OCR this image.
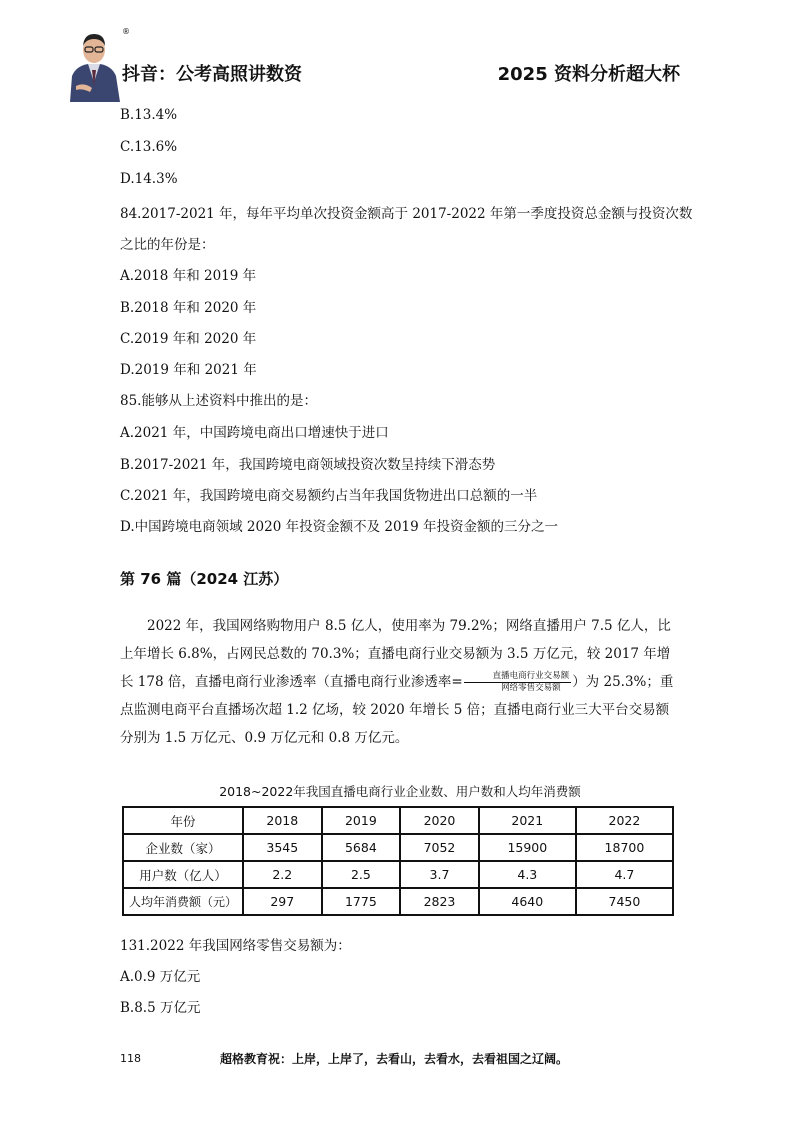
®
抖音：公考高照讲数资	2025 资料分析超大杯
B.13.4%
C.13.6%
D.14.3%
84.2017-2021 年，每年平均单次投资金额高于 2017-2022 年第一季度投资总金额与投资次数
之比的年份是：
A.2018 年和 2019 年
B.2018 年和 2020 年
C.2019 年和 2020 年
D.2019 年和 2021 年
85.能够从上述资料中推出的是：
A.2021 年，中国跨境电商出口增速快于进口
B.2017-2021 年，我国跨境电商领域投资次数呈持续下滑态势
C.2021 年，我国跨境电商交易额约占当年我国货物进出口总额的一半
D.中国跨境电商领域 2020 年投资金额不及 2019 年投资金额的三分之一
第 76 篇（2024 江苏）
2022 年，我国网络购物用户 8.5 亿人，使用率为 79.2%；网络直播用户 7.5 亿人，比上年增长 6.8%，占网民总数的 70.3%；直播电商行业交易额为 3.5 万亿元，较 2017 年增长 178 倍，直播电商行业渗透率（直播电商行业渗透率= $\frac{\text{直播电商行业交易额}}{\text{网络零售交易额}}$ ）为 25.3%；重点监测电商平台直播场次超 1.2 亿场，较 2020 年增长 5 倍；直播电商行业三大平台交易额分别为 1.5 万亿元、0.9 万亿元和 0.8 万亿元。
2018~2022年我国直播电商行业企业数、用户数和人均年消费额
年份	2018	2019	2020	2021	2022
企业数（家）	3545	5684	7052	15900	18700
用户数（亿人）	2.2	2.5	3.7	4.3	4.7
人均年消费额（元）	297	1775	2823	4640	7450
131.2022 年我国网络零售交易额为：
A.0.9 万亿元
B.8.5 万亿元
118	超格教育祝：上岸，上岸了，去看山，去看水，去看祖国之辽阔。
